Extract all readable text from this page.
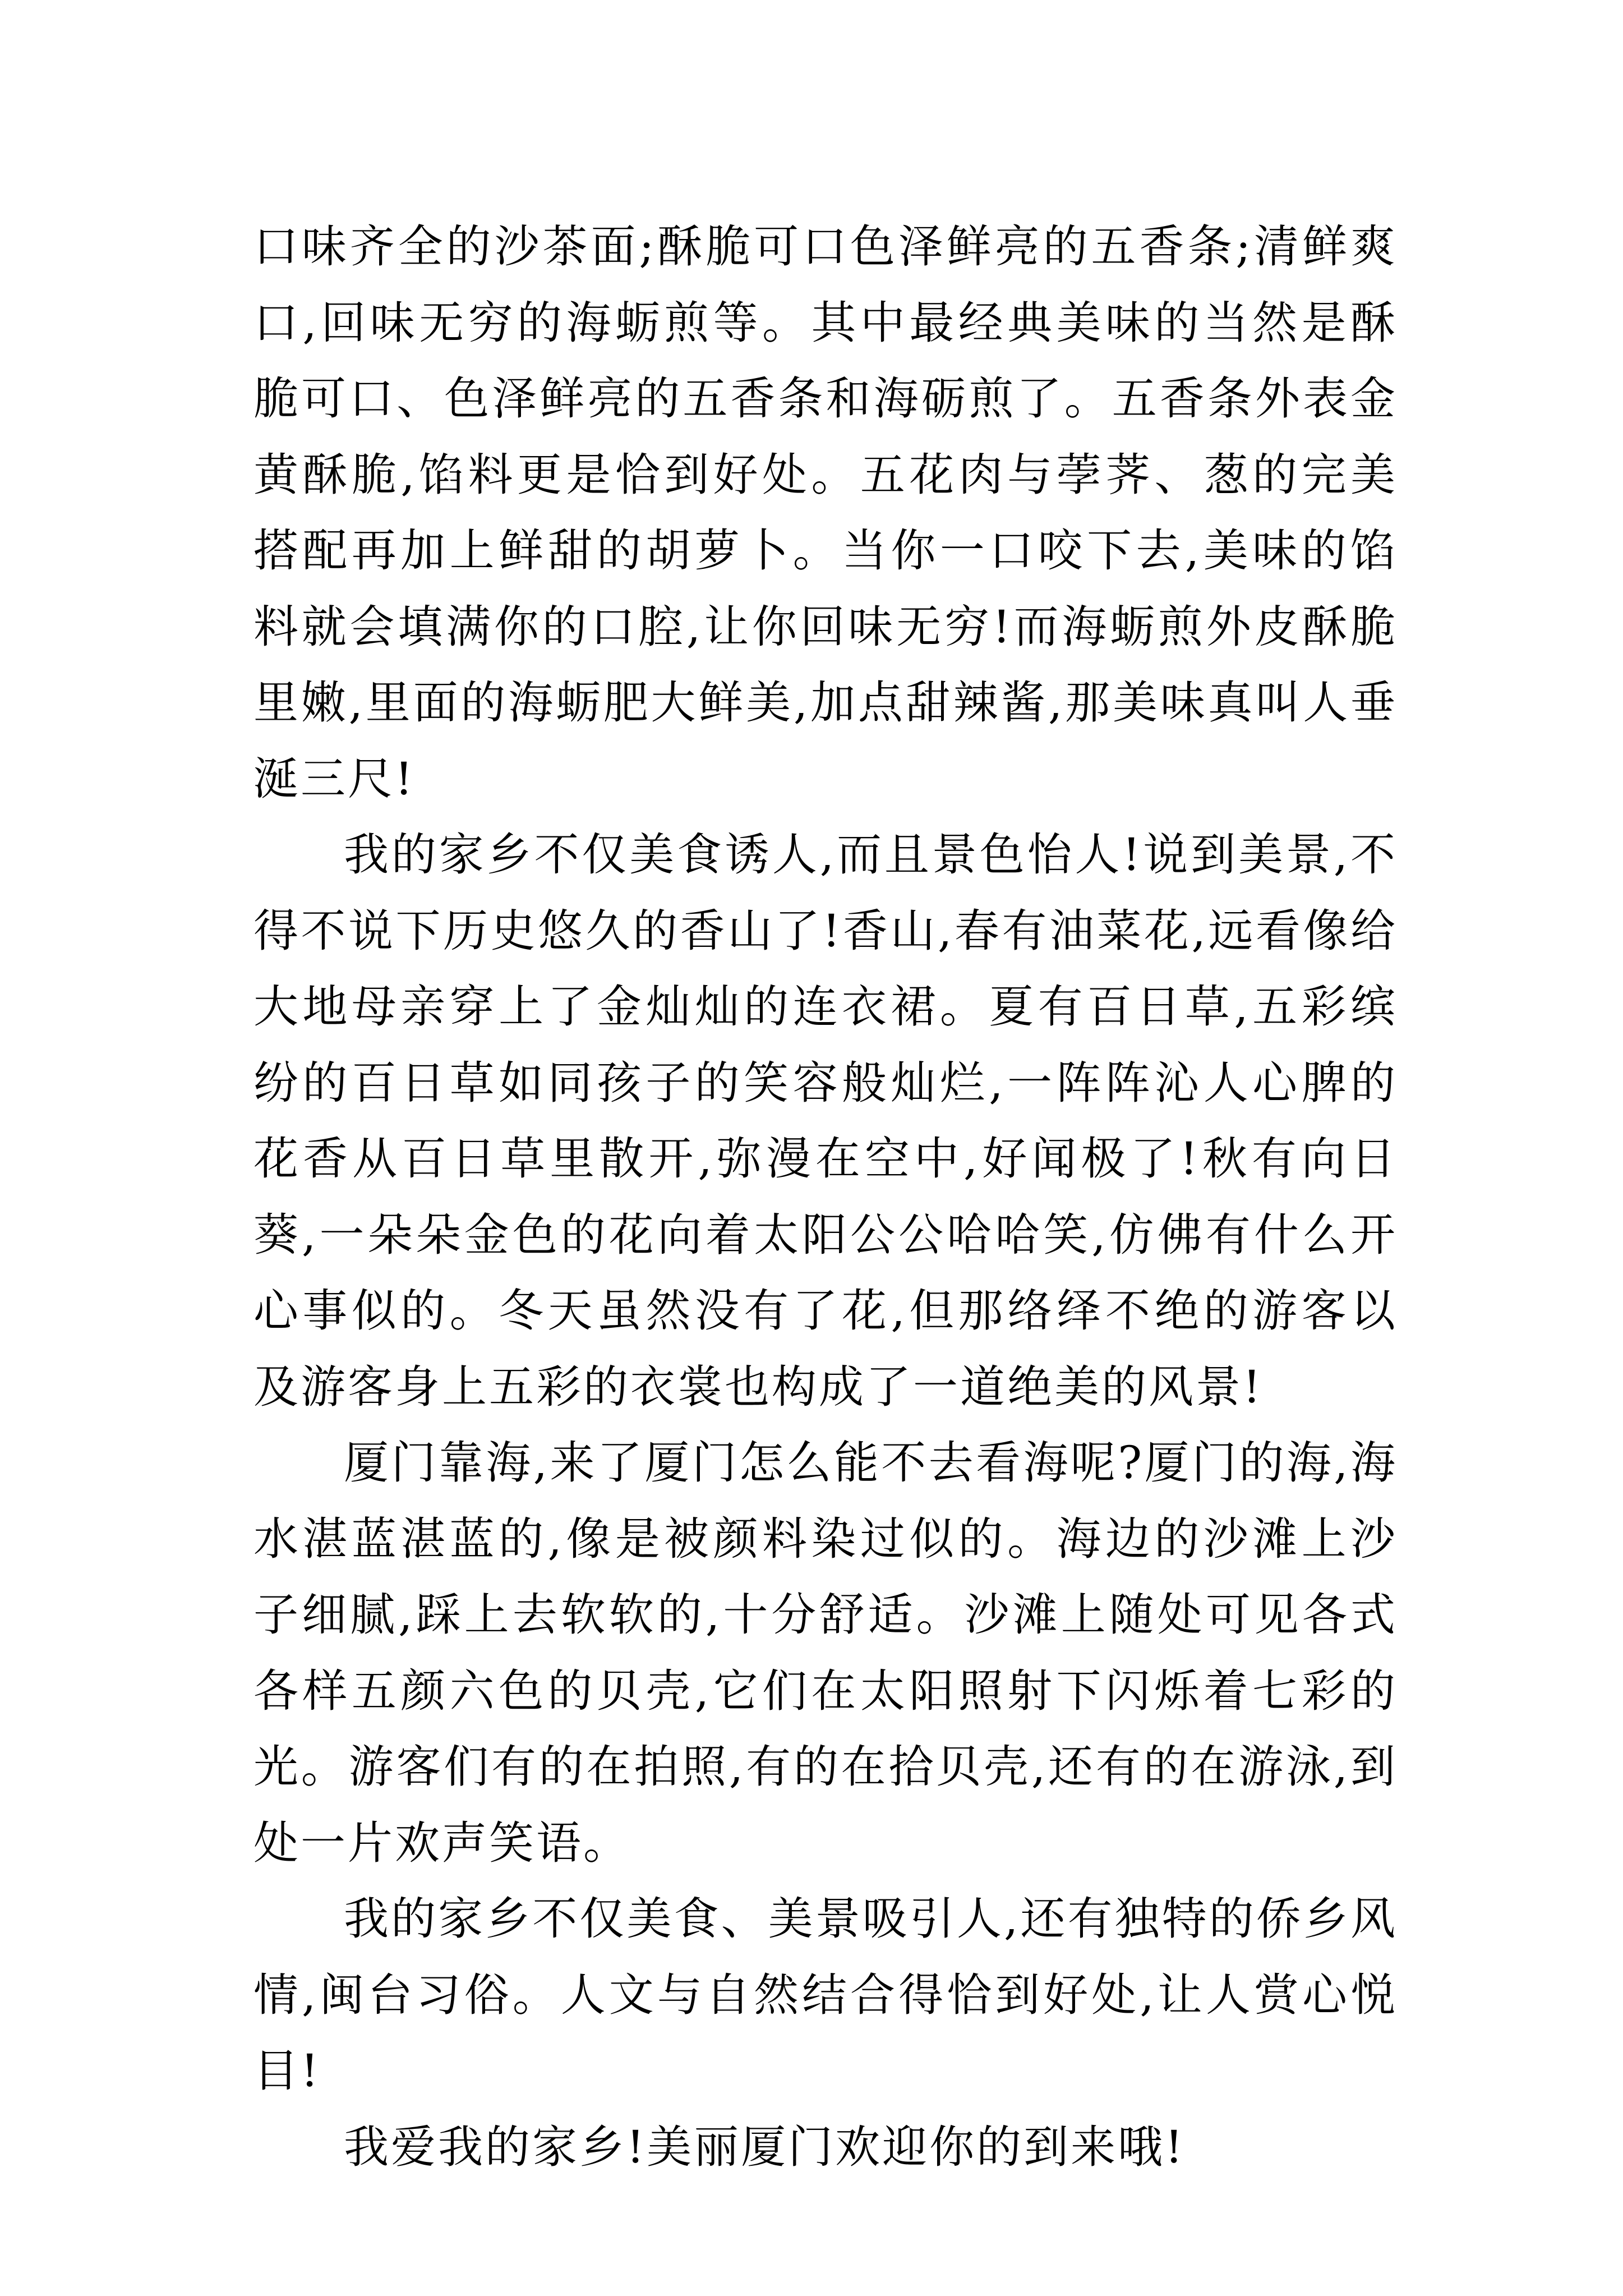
口味齐全的沙茶面;酥脆可口色泽鲜亮的五香条;清鲜爽口,回味无穷的海蛎煎等。其中最经典美味的当然是酥脆可口、色泽鲜亮的五香条和海砺煎了。五香条外表金黄酥脆,馅料更是恰到好处。五花肉与荸荠、葱的完美搭配再加上鲜甜的胡萝卜。当你一口咬下去,美味的馅料就会填满你的口腔,让你回味无穷!而海蛎煎外皮酥脆里嫩,里面的海蛎肥大鲜美,加点甜辣酱,那美味真叫人垂涎三尺!

我的家乡不仅美食诱人,而且景色怡人!说到美景,不得不说下历史悠久的香山了!香山,春有油菜花,远看像给大地母亲穿上了金灿灿的连衣裙。夏有百日草,五彩缤纷的百日草如同孩子的笑容般灿烂,一阵阵沁人心脾的花香从百日草里散开,弥漫在空中,好闻极了!秋有向日葵,一朵朵金色的花向着太阳公公哈哈笑,仿佛有什么开心事似的。冬天虽然没有了花,但那络绎不绝的游客以及游客身上五彩的衣裳也构成了一道绝美的风景!

厦门靠海,来了厦门怎么能不去看海呢?厦门的海,海水湛蓝湛蓝的,像是被颜料染过似的。海边的沙滩上沙子细腻,踩上去软软的,十分舒适。沙滩上随处可见各式各样五颜六色的贝壳,它们在太阳照射下闪烁着七彩的光。游客们有的在拍照,有的在拾贝壳,还有的在游泳,到处一片欢声笑语。

我的家乡不仅美食、美景吸引人,还有独特的侨乡风情,闽台习俗。人文与自然结合得恰到好处,让人赏心悦目!

我爱我的家乡!美丽厦门欢迎你的到来哦!
